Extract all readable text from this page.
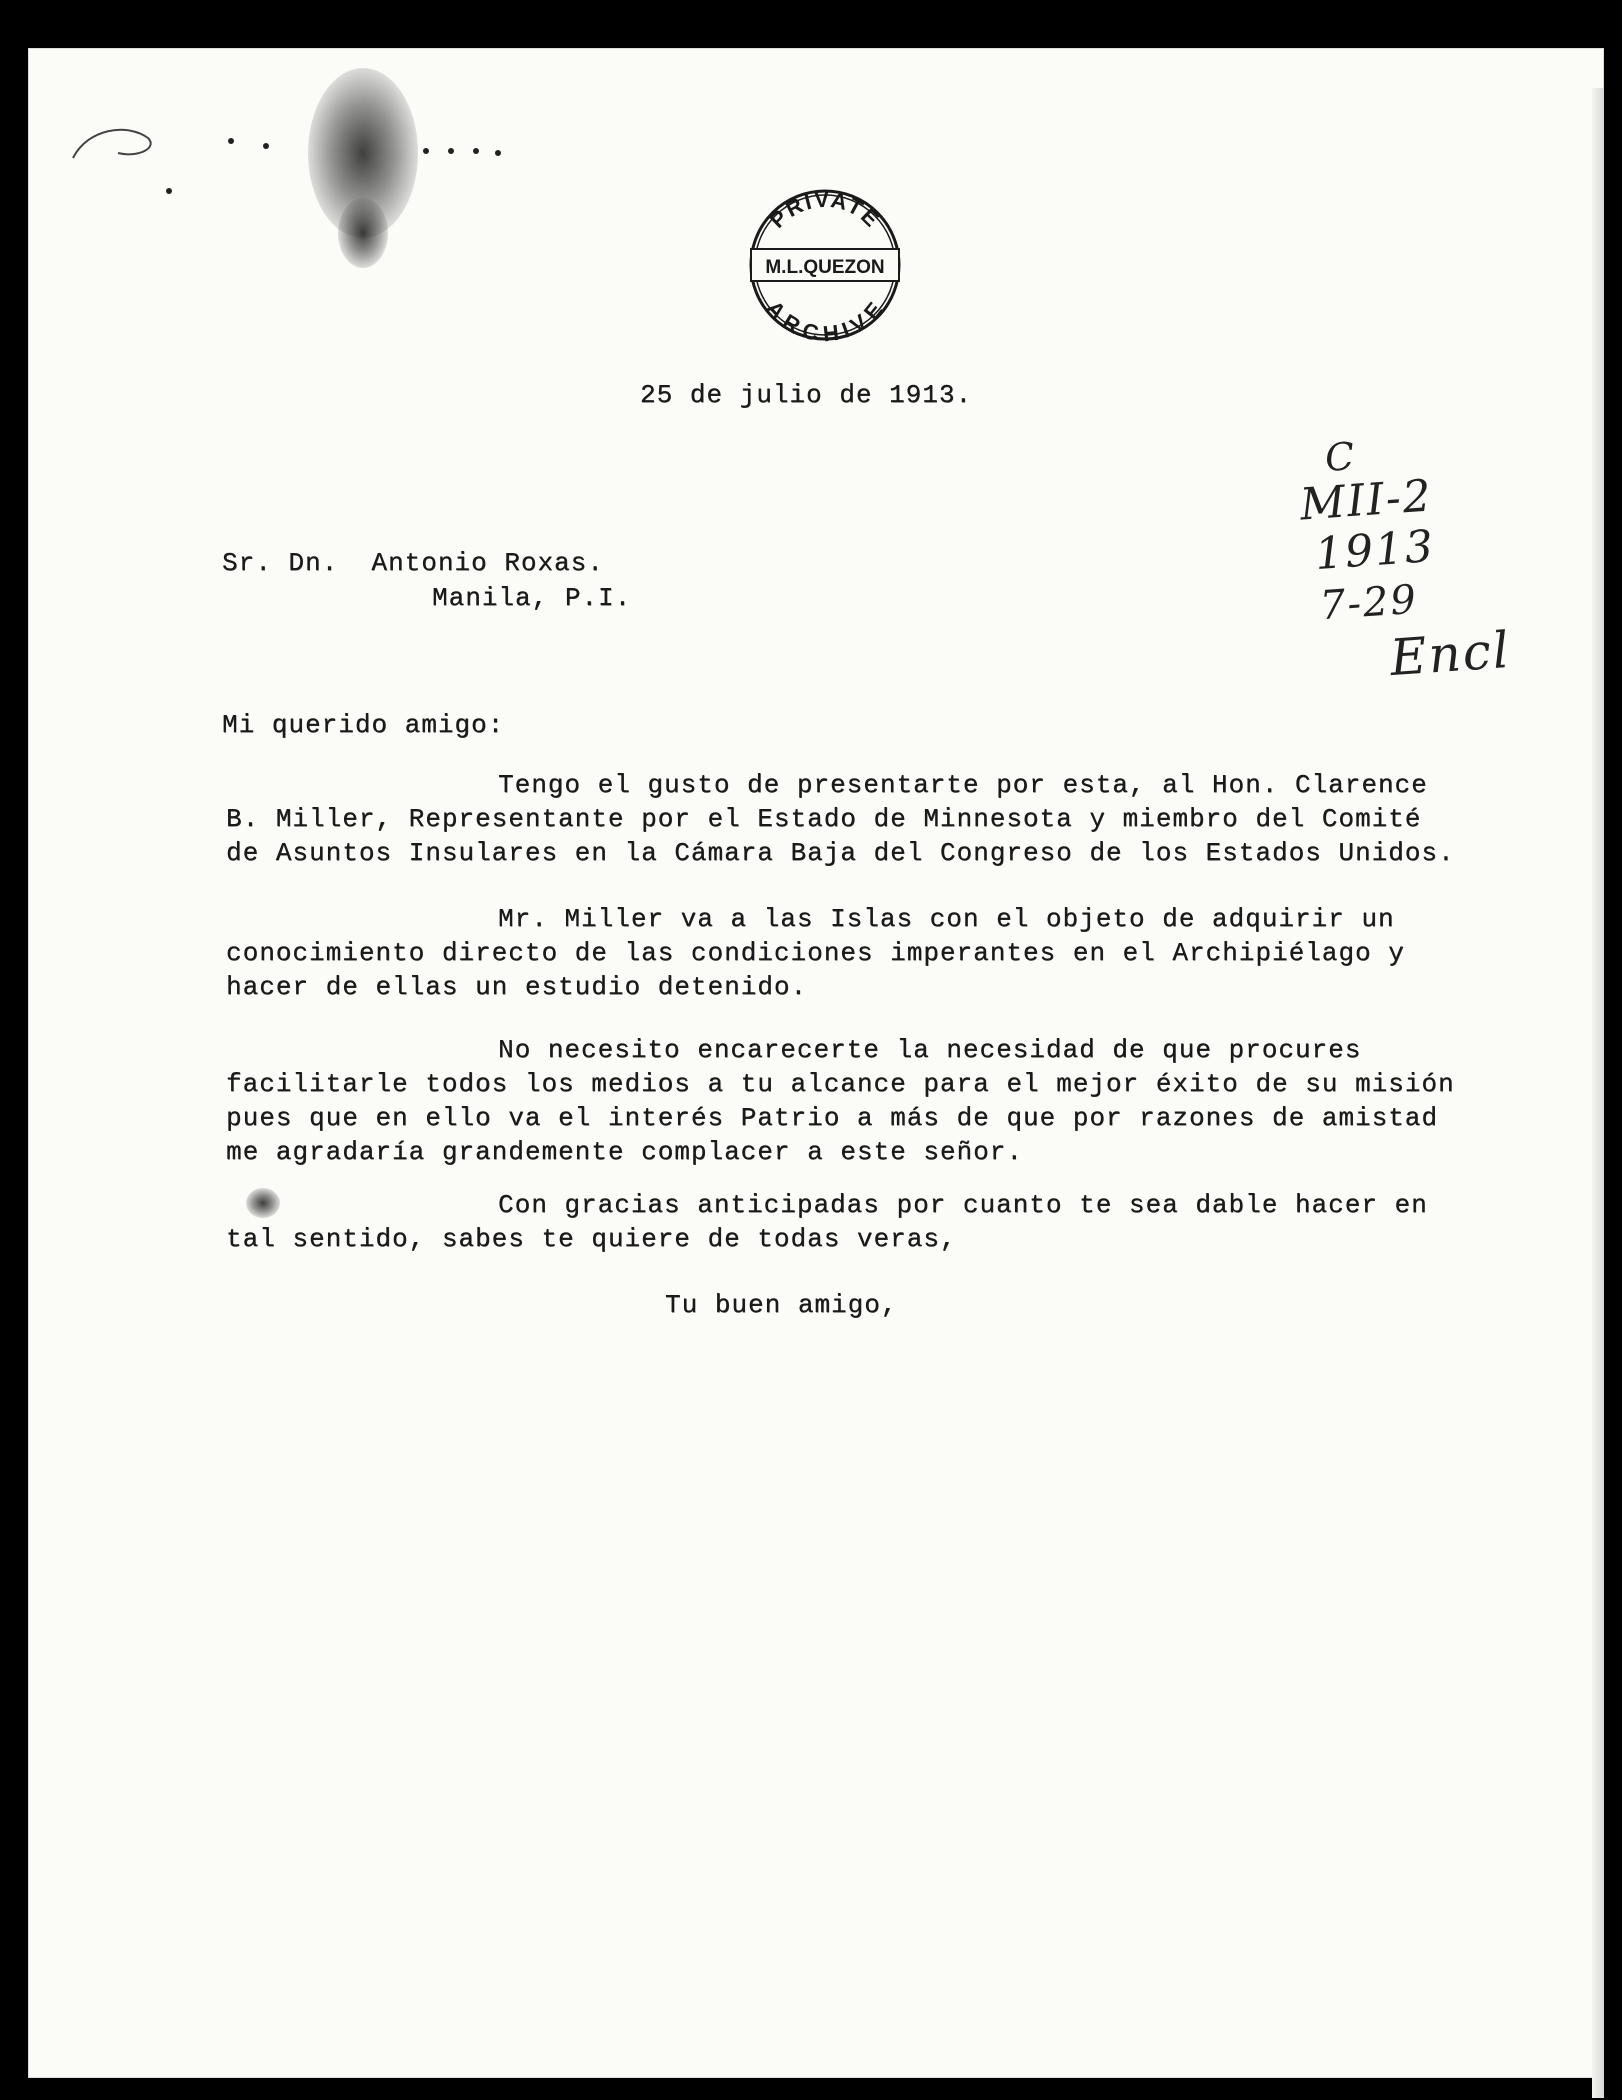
PRIVATE
M.L.QUEZON
ARCHIVE
25 de julio de 1913.
C
MII-2
1913
7-29
Encl
Sr. Dn.  Antonio Roxas.
Manila, P.I.
Mi querido amigo:
Tengo el gusto de presentarte por esta, al Hon. Clarence
B. Miller, Representante por el Estado de Minnesota y miembro del Comité
de Asuntos Insulares en la Cámara Baja del Congreso de los Estados Unidos.
Mr. Miller va a las Islas con el objeto de adquirir un
conocimiento directo de las condiciones imperantes en el Archipiélago y
hacer de ellas un estudio detenido.
No necesito encarecerte la necesidad de que procures
facilitarle todos los medios a tu alcance para el mejor éxito de su misión
pues que en ello va el interés Patrio a más de que por razones de amistad
me agradaría grandemente complacer a este señor.
Con gracias anticipadas por cuanto te sea dable hacer en
tal sentido, sabes te quiere de todas veras,
Tu buen amigo,
